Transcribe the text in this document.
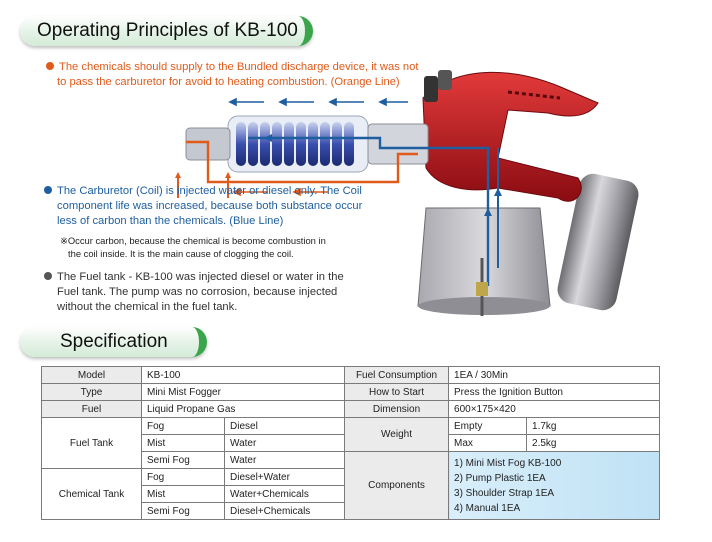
Operating Principles of KB-100
The chemicals should supply to the Bundled discharge device, it was not
to pass the carburetor for avoid to heating combustion. (Orange Line)
The Carburetor (Coil) is injected water or diesel only. The Coil
component life was increased, because both substance occur
less of carbon than the chemicals. (Blue Line)
※Occur carbon, because the chemical is become combustion in
the coil inside. It is the main cause of clogging the coil.
The Fuel tank - KB-100 was injected diesel or water in the
Fuel tank. The pump was no corrosion, because injected
without the chemical in the fuel tank.
Specification
Model	KB-100		Fuel Consumption	1EA / 30Min	
Type	Mini Mist Fogger		How to Start	Press the Ignition Button	
Fuel	Liquid Propane Gas		Dimension	600×175×420	
Fuel Tank	Fog	Diesel	Weight	Empty	1.7kg
	Mist	Water		Max	2.5kg
	Semi Fog	Water	Components	1) Mini Mist Fog KB-100
2) Pump Plastic 1EA
3) Shoulder Strap 1EA
4) Manual 1EA	

Chemical Tank	Fog	Diesel+Water			
	Mist	Water+Chemicals			
	Semi Fog	Diesel+Chemicals			
